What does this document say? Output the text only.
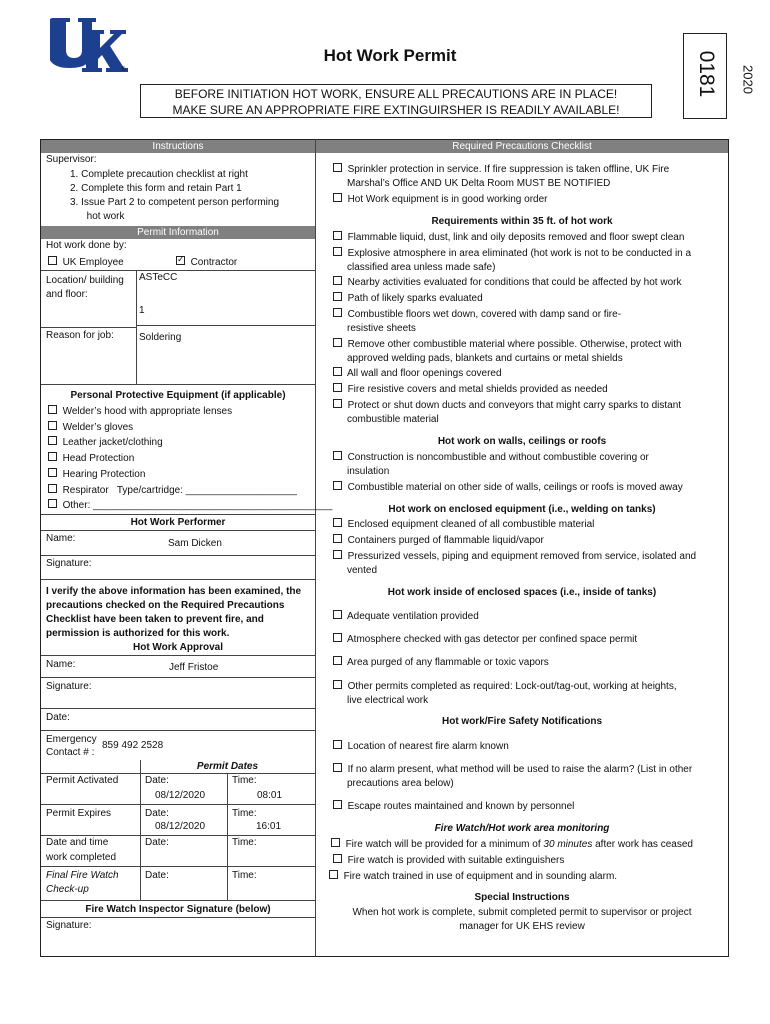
®
Hot Work Permit
BEFORE INITIATION HOT WORK, ENSURE ALL PRECAUTIONS ARE IN PLACE!
MAKE SURE AN APPROPRIATE FIRE EXTINGUIRSHER IS READILY AVAILABLE!
0181 2020
Instructions
Supervisor:
1. Complete precaution checklist at right
2. Complete this form and retain Part 1
3. Issue Part 2 to competent person performing
hot work
Permit Information
Hot work done by:
UK Employee	✓ Contractor
Location/ building
and floor:
ASTeCC
1
Reason for job:	Soldering
Personal Protective Equipment (if applicable)
Welder’s hood with appropriate lenses
Welder’s gloves
Leather jacket/clothing
Head Protection
Hearing Protection
Respirator   Type/cartridge: ____________________
Other: ___________________________________________
Hot Work Performer
Name:	Sam Dicken
Signature:
I verify the above information has been examined, the
precautions checked on the Required Precautions
Checklist have been taken to prevent fire, and
permission is authorized for this work.
Hot Work Approval
Name:	Jeff Fristoe
Signature:
Date:
Emergency
Contact # :
859 492 2528
Permit Dates
Permit Activated	Date:	Time:
08/12/2020	08:01
Permit Expires	Date:	Time:
08/12/2020	16:01
Date and time
work completed
Date:	Time:
Final Fire Watch
Check-up
Date:	Time:
Fire Watch Inspector Signature (below)
Signature:
Required Precautions Checklist
Sprinkler protection in service. If fire suppression is taken offline, UK Fire
Marshal’s Office AND UK Delta Room MUST BE NOTIFIED
Hot Work equipment is in good working order
Requirements within 35 ft. of hot work
Flammable liquid, dust, link and oily deposits removed and floor swept clean
Explosive atmosphere in area eliminated (hot work is not to be conducted in a
classified area unless made safe)
Nearby activities evaluated for conditions that could be affected by hot work
Path of likely sparks evaluated
Combustible floors wet down, covered with damp sand or fire-
resistive sheets
Remove other combustible material where possible. Otherwise, protect with
approved welding pads, blankets and curtains or metal shields
All wall and floor openings covered
Fire resistive covers and metal shields provided as needed
Protect or shut down ducts and conveyors that might carry sparks to distant
combustible material
Hot work on walls, ceilings or roofs
Construction is noncombustible and without combustible covering or
insulation
Combustible material on other side of walls, ceilings or roofs is moved away
Hot work on enclosed equipment (i.e., welding on tanks)
Enclosed equipment cleaned of all combustible material
Containers purged of flammable liquid/vapor
Pressurized vessels, piping and equipment removed from service, isolated and
vented
Hot work inside of enclosed spaces (i.e., inside of tanks)
Adequate ventilation provided
Atmosphere checked with gas detector per confined space permit
Area purged of any flammable or toxic vapors
Other permits completed as required: Lock-out/tag-out, working at heights,
live electrical work
Hot work/Fire Safety Notifications
Location of nearest fire alarm known
If no alarm present, what method will be used to raise the alarm? (List in other
precautions area below)
Escape routes maintained and known by personnel
Fire Watch/Hot work area monitoring
Fire watch will be provided for a minimum of 30 minutes after work has ceased
Fire watch is provided with suitable extinguishers
Fire watch trained in use of equipment and in sounding alarm.
Special Instructions
When hot work is complete, submit completed permit to supervisor or project
manager for UK EHS review
